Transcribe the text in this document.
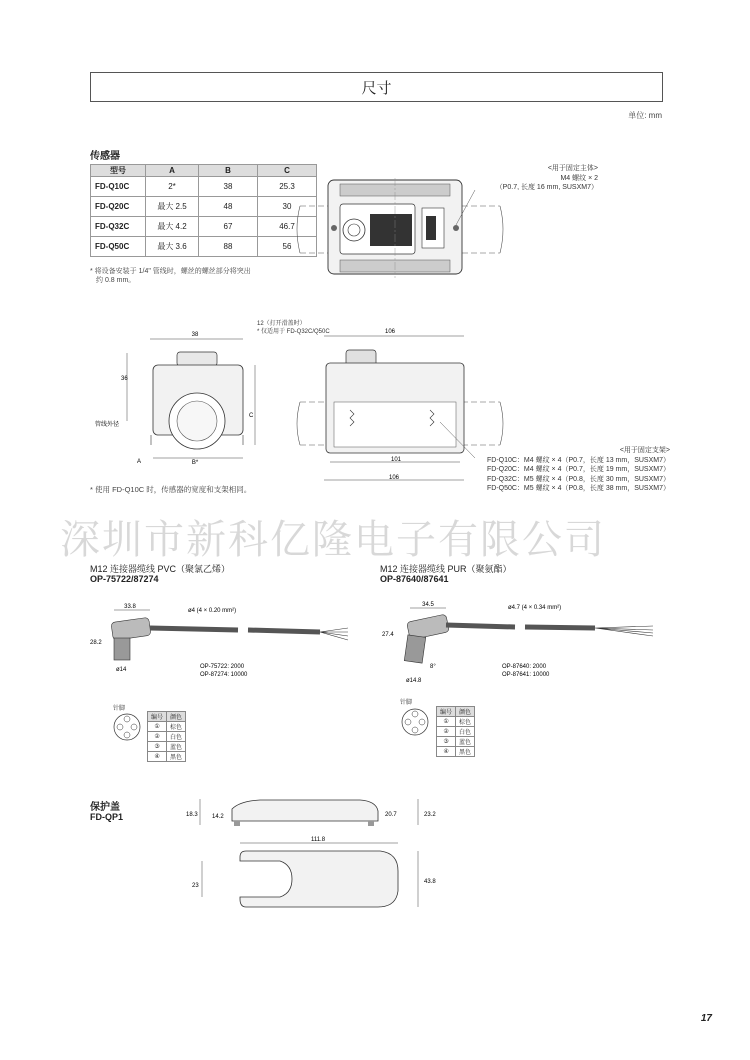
尺寸
单位: mm
传感器
型号	A	B	C
FD-Q10C	2*	38	25.3
FD-Q20C	最大 2.5	48	30
FD-Q32C	最大 4.2	67	46.7
FD-Q50C	最大 3.6	88	56
* 将设备安装于 1/4" 管线时，螺丝的螺丝部分将突出
约 0.8 mm。
<用于固定主体>
M4 螺纹 × 2
（P0.7, 长度 16 mm, SUSXM7）
38
36
管线外径
C
A	B*
12（打开滑盖时）
* 仅适用于 FD-Q32C/Q50C	106
101
106
<用于固定支架>
FD-Q10C：M4 螺纹 × 4（P0.7，长度 13 mm，SUSXM7）
FD-Q20C：M4 螺纹 × 4（P0.7，长度 19 mm，SUSXM7）
FD-Q32C：M5 螺纹 × 4（P0.8，长度 30 mm，SUSXM7）
FD-Q50C：M5 螺纹 × 4（P0.8，长度 38 mm，SUSXM7）
* 使用 FD-Q10C 时，传感器的宽度和支架相同。
深圳市新科亿隆电子有限公司
M12 连接器缆线 PVC（聚氯乙烯）
OP-75722/87274
33.8
ø4 (4 × 0.20 mm²)
28.2
ø14	OP-75722: 2000
OP-87274: 10000
针脚
编号	颜色
①	棕色
②	白色
③	蓝色
④	黑色
M12 连接器缆线 PUR（聚氨酯）
OP-87640/87641
34.5	ø4.7 (4 × 0.34 mm²)
27.4
8°
ø14.8
OP-87640: 2000
OP-87641: 10000
针脚
编号	颜色
①	棕色
②	白色
③	蓝色
④	黑色
保护盖
FD-QP1	18.3 14.2	20.7	23.2
111.8
23
43.8
17
